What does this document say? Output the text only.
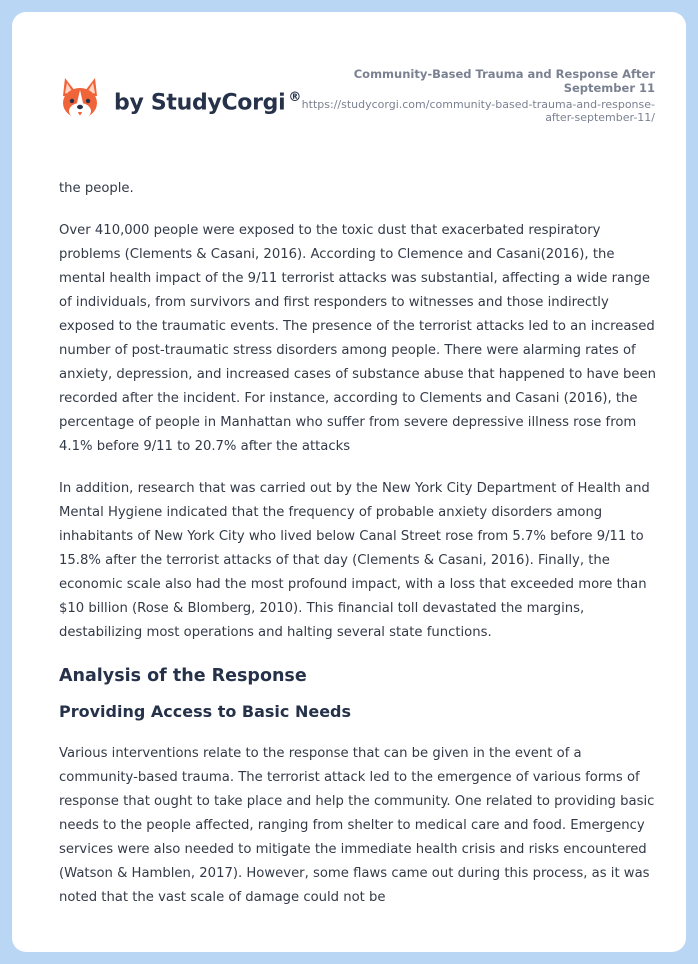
by StudyCorgi ®
Community-Based Trauma and Response After September 11
https://studycorgi.com/community-based-trauma-and-response-after-september-11/

the people.

Over 410,000 people were exposed to the toxic dust that exacerbated respiratory problems (Clements & Casani, 2016). According to Clemence and Casani(2016), the mental health impact of the 9/11 terrorist attacks was substantial, affecting a wide range of individuals, from survivors and first responders to witnesses and those indirectly exposed to the traumatic events. The presence of the terrorist attacks led to an increased number of post-traumatic stress disorders among people. There were alarming rates of anxiety, depression, and increased cases of substance abuse that happened to have been recorded after the incident. For instance, according to Clements and Casani (2016), the percentage of people in Manhattan who suffer from severe depressive illness rose from 4.1% before 9/11 to 20.7% after the attacks

In addition, research that was carried out by the New York City Department of Health and Mental Hygiene indicated that the frequency of probable anxiety disorders among inhabitants of New York City who lived below Canal Street rose from 5.7% before 9/11 to 15.8% after the terrorist attacks of that day (Clements & Casani, 2016). Finally, the economic scale also had the most profound impact, with a loss that exceeded more than $10 billion (Rose & Blomberg, 2010). This financial toll devastated the margins, destabilizing most operations and halting several state functions.

Analysis of the Response
Providing Access to Basic Needs

Various interventions relate to the response that can be given in the event of a community-based trauma. The terrorist attack led to the emergence of various forms of response that ought to take place and help the community. One related to providing basic needs to the people affected, ranging from shelter to medical care and food. Emergency services were also needed to mitigate the immediate health crisis and risks encountered (Watson & Hamblen, 2017). However, some flaws came out during this process, as it was noted that the vast scale of damage could not be
